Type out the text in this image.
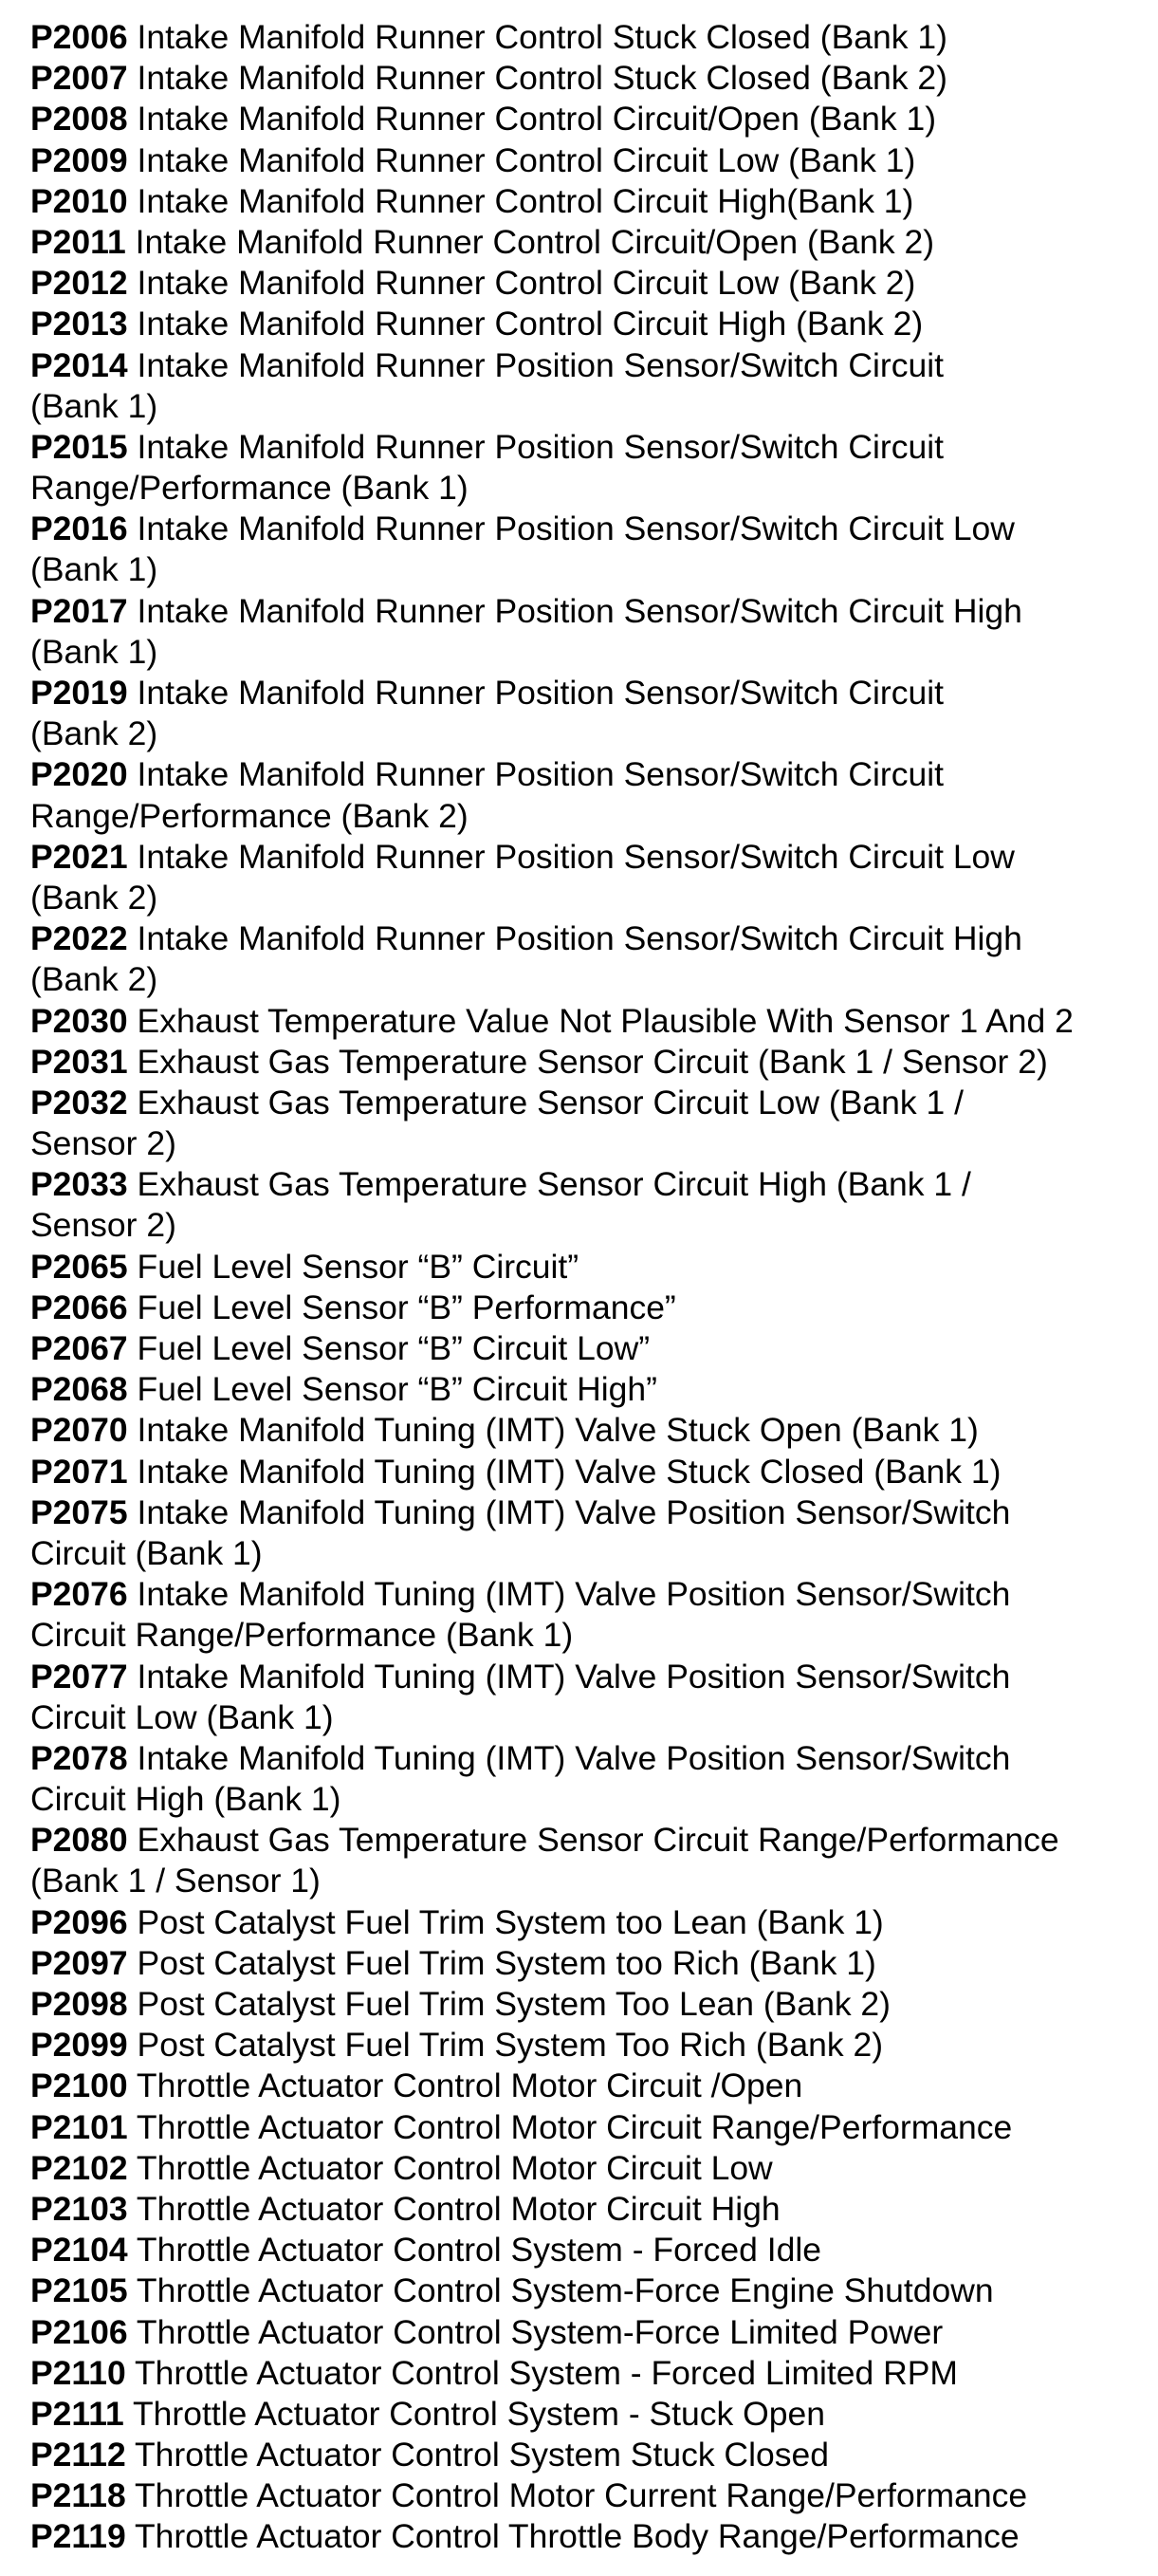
P2006 Intake Manifold Runner Control Stuck Closed (Bank 1)
P2007 Intake Manifold Runner Control Stuck Closed (Bank 2)
P2008 Intake Manifold Runner Control Circuit/Open (Bank 1)
P2009 Intake Manifold Runner Control Circuit Low (Bank 1)
P2010 Intake Manifold Runner Control Circuit High(Bank 1)
P2011 Intake Manifold Runner Control Circuit/Open (Bank 2)
P2012 Intake Manifold Runner Control Circuit Low (Bank 2)
P2013 Intake Manifold Runner Control Circuit High (Bank 2)
P2014 Intake Manifold Runner Position Sensor/Switch Circuit
(Bank 1)
P2015 Intake Manifold Runner Position Sensor/Switch Circuit
Range/Performance (Bank 1)
P2016 Intake Manifold Runner Position Sensor/Switch Circuit Low
(Bank 1)
P2017 Intake Manifold Runner Position Sensor/Switch Circuit High
(Bank 1)
P2019 Intake Manifold Runner Position Sensor/Switch Circuit
(Bank 2)
P2020 Intake Manifold Runner Position Sensor/Switch Circuit
Range/Performance (Bank 2)
P2021 Intake Manifold Runner Position Sensor/Switch Circuit Low
(Bank 2)
P2022 Intake Manifold Runner Position Sensor/Switch Circuit High
(Bank 2)
P2030 Exhaust Temperature Value Not Plausible With Sensor 1 And 2
P2031 Exhaust Gas Temperature Sensor Circuit (Bank 1 / Sensor 2)
P2032 Exhaust Gas Temperature Sensor Circuit Low (Bank 1 /
Sensor 2)
P2033 Exhaust Gas Temperature Sensor Circuit High (Bank 1 /
Sensor 2)
P2065 Fuel Level Sensor “B” Circuit”
P2066 Fuel Level Sensor “B” Performance”
P2067 Fuel Level Sensor “B” Circuit Low”
P2068 Fuel Level Sensor “B” Circuit High”
P2070 Intake Manifold Tuning (IMT) Valve Stuck Open (Bank 1)
P2071 Intake Manifold Tuning (IMT) Valve Stuck Closed (Bank 1)
P2075 Intake Manifold Tuning (IMT) Valve Position Sensor/Switch
Circuit (Bank 1)
P2076 Intake Manifold Tuning (IMT) Valve Position Sensor/Switch
Circuit Range/Performance (Bank 1)
P2077 Intake Manifold Tuning (IMT) Valve Position Sensor/Switch
Circuit Low (Bank 1)
P2078 Intake Manifold Tuning (IMT) Valve Position Sensor/Switch
Circuit High (Bank 1)
P2080 Exhaust Gas Temperature Sensor Circuit Range/Performance
(Bank 1 / Sensor 1)
P2096 Post Catalyst Fuel Trim System too Lean (Bank 1)
P2097 Post Catalyst Fuel Trim System too Rich (Bank 1)
P2098 Post Catalyst Fuel Trim System Too Lean (Bank 2)
P2099 Post Catalyst Fuel Trim System Too Rich (Bank 2)
P2100 Throttle Actuator Control Motor Circuit /Open
P2101 Throttle Actuator Control Motor Circuit Range/Performance
P2102 Throttle Actuator Control Motor Circuit Low
P2103 Throttle Actuator Control Motor Circuit High
P2104 Throttle Actuator Control System - Forced Idle
P2105 Throttle Actuator Control System-Force Engine Shutdown
P2106 Throttle Actuator Control System-Force Limited Power
P2110 Throttle Actuator Control System - Forced Limited RPM
P2111 Throttle Actuator Control System - Stuck Open
P2112 Throttle Actuator Control System Stuck Closed
P2118 Throttle Actuator Control Motor Current Range/Performance
P2119 Throttle Actuator Control Throttle Body Range/Performance
